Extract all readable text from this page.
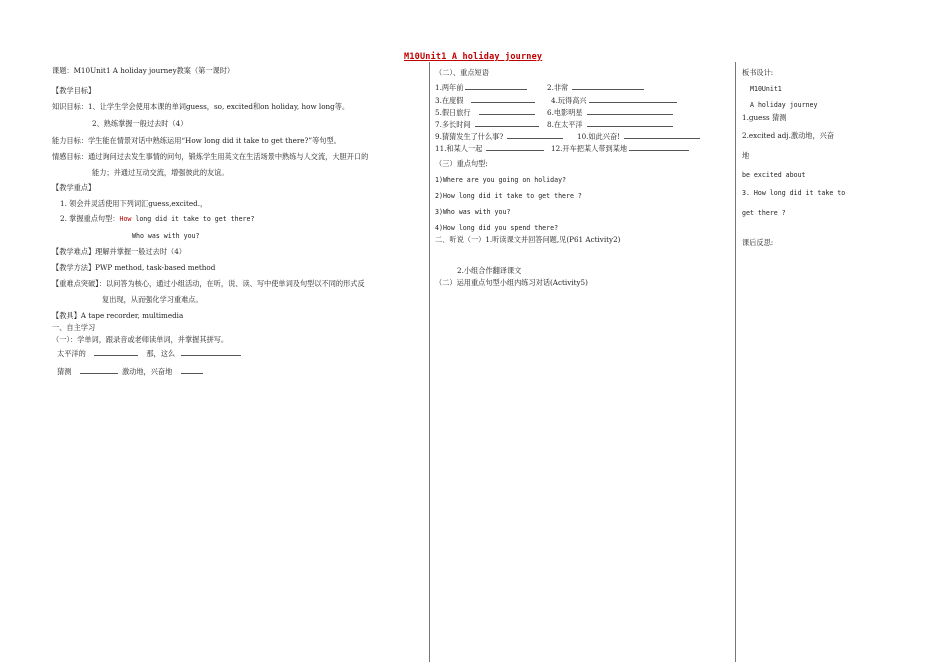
M10Unit1 A holiday journey
课题：M10Unit1 A holiday journey教案（第一课时）
【教学目标】
知识目标：1、让学生学会使用本课的单词guess，so, excited和on holiday, how long等。
2、熟练掌握一般过去时（4）
能力目标：学生能在情景对话中熟练运用“How long did it take to get there?”等句型。
情感目标：通过询问过去发生事情的问句，锻炼学生用英文在生活场景中熟练与人交流，大胆开口的
能力；并通过互动交流，增强彼此的友谊。
【教学重点】
1. 领会并灵活使用下列词汇guess,excited.，
2. 掌握重点句型：How long did it take to get there?
Who was with you?
【教学难点】理解并掌握一般过去时（4）
【教学方法】PWP method, task-based method
【重难点突破】：以问答为核心，通过小组活动，在听，说、读、写中使单词及句型以不同的形式反
复出现，从而强化学习重难点。
【教具】A tape recorder, multimedia
一、自主学习
（一）：学单词，跟录音或老师读单词，并掌握其拼写。
太平洋的	那，这么
猜测	激动地，兴奋地
（二）、重点短语
1.两年前	2.非常
3.在度假	4.玩得高兴
5.假日旅行	6.电影明星
7.多长时间	8.在太平洋
9.猜猜发生了什么事?	10.如此兴奋!
11.和某人一起	12.开车把某人带到某地
（三）重点句型:
1)Where are you going on holiday?
2)How long did it take to get there ?
3)Who was with you?
4)How long did you spend there?
二．听说（一）1.听读课文并回答问题,见(P61 Activity2)
2.小组合作翻译课文
（二）运用重点句型小组内练习对话(Activity5)
板书设计:
M10Unit1
A holiday journey
1.guess 猜测
2.excited adj.激动地，兴奋
地
be excited about
3. How long did it take to
get there ?
课后反思:
